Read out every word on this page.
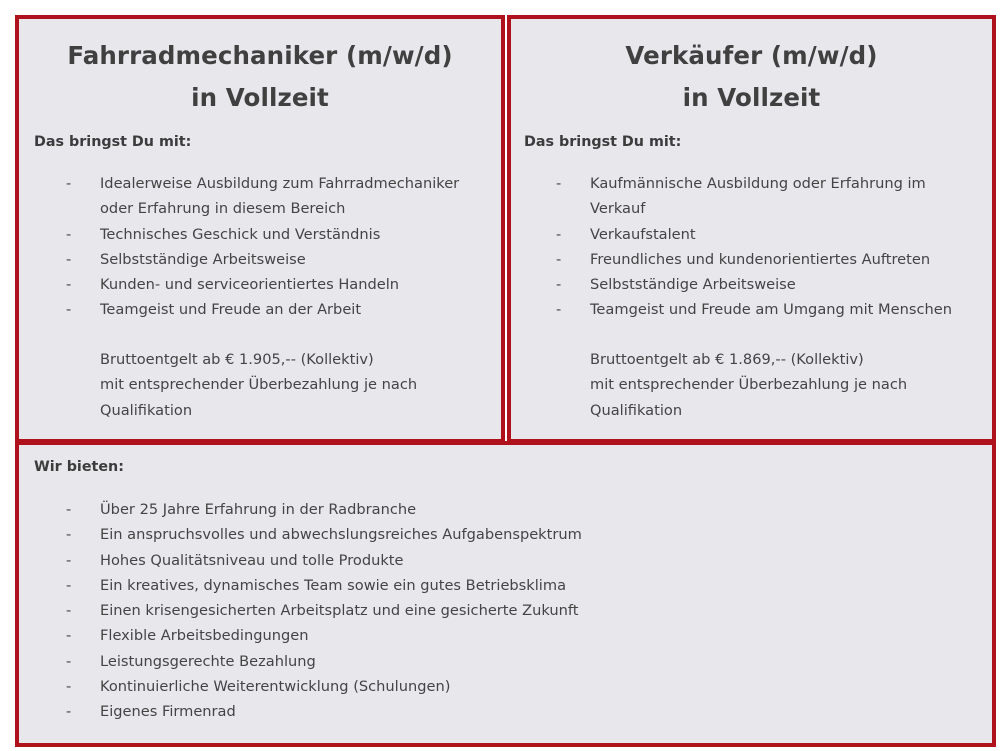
Fahrradmechaniker (m/w/d)
in Vollzeit
Das bringst Du mit:
- Idealerweise Ausbildung zum Fahrradmechaniker
oder Erfahrung in diesem Bereich
- Technisches Geschick und Verständnis
- Selbstständige Arbeitsweise
- Kunden- und serviceorientiertes Handeln
- Teamgeist und Freude an der Arbeit
Bruttoentgelt ab € 1.905,-- (Kollektiv)
mit entsprechender Überbezahlung je nach
Qualifikation
Verkäufer (m/w/d)
in Vollzeit
Das bringst Du mit:
- Kaufmännische Ausbildung oder Erfahrung im
Verkauf
- Verkaufstalent
- Freundliches und kundenorientiertes Auftreten
- Selbstständige Arbeitsweise
- Teamgeist und Freude am Umgang mit Menschen
Bruttoentgelt ab € 1.869,-- (Kollektiv)
mit entsprechender Überbezahlung je nach
Qualifikation
Wir bieten:
- Über 25 Jahre Erfahrung in der Radbranche
- Ein anspruchsvolles und abwechslungsreiches Aufgabenspektrum
- Hohes Qualitätsniveau und tolle Produkte
- Ein kreatives, dynamisches Team sowie ein gutes Betriebsklima
- Einen krisengesicherten Arbeitsplatz und eine gesicherte Zukunft
- Flexible Arbeitsbedingungen
- Leistungsgerechte Bezahlung
- Kontinuierliche Weiterentwicklung (Schulungen)
- Eigenes Firmenrad
